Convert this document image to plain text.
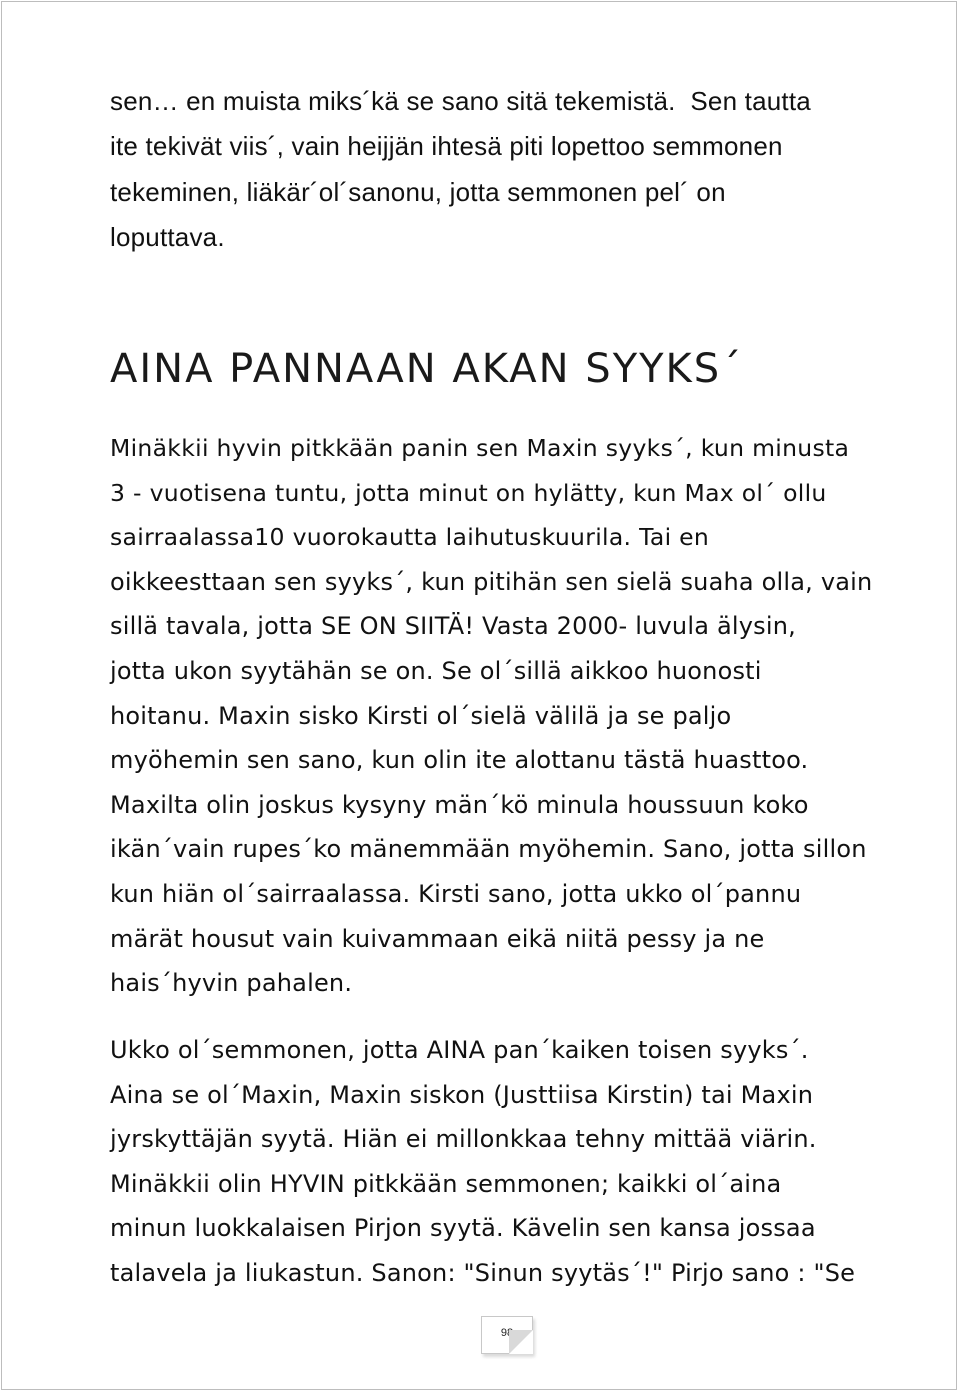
sen… en muista miks´kä se sano sitä tekemistä.  Sen tautta
ite tekivät viis´, vain heijjän ihtesä piti lopettoo semmonen
tekeminen, liäkär´ol´sanonu, jotta semmonen pel´ on
loputtava.
AINA PANNAAN AKAN SYYKS´
Minäkkii hyvin pitkkään panin sen Maxin syyks´, kun minusta
3 - vuotisena tuntu, jotta minut on hylätty, kun Max ol´ ollu
sairraalassa10 vuorokautta laihutuskuurila. Tai en
oikkeesttaan sen syyks´, kun pitihän sen sielä suaha olla, vain
sillä tavala, jotta SE ON SIITÄ! Vasta 2000- luvula älysin,
jotta ukon syytähän se on. Se ol´sillä aikkoo huonosti
hoitanu. Maxin sisko Kirsti ol´sielä välilä ja se paljo
myöhemin sen sano, kun olin ite alottanu tästä huasttoo.
Maxilta olin joskus kysyny män´kö minula houssuun koko
ikän´vain rupes´ko mänemmään myöhemin. Sano, jotta sillon
kun hiän ol´sairraalassa. Kirsti sano, jotta ukko ol´pannu
märät housut vain kuivammaan eikä niitä pessy ja ne
hais´hyvin pahalen.
Ukko ol´semmonen, jotta AINA pan´kaiken toisen syyks´.
Aina se ol´Maxin, Maxin siskon (Justtiisa Kirstin) tai Maxin
jyrskyttäjän syytä. Hiän ei millonkkaa tehny mittää viärin.
Minäkkii olin HYVIN pitkkään semmonen; kaikki ol´aina
minun luokkalaisen Pirjon syytä. Kävelin sen kansa jossaa
talavela ja liukastun. Sanon: "Sinun syytäs´!" Pirjo sano : "Se
98
